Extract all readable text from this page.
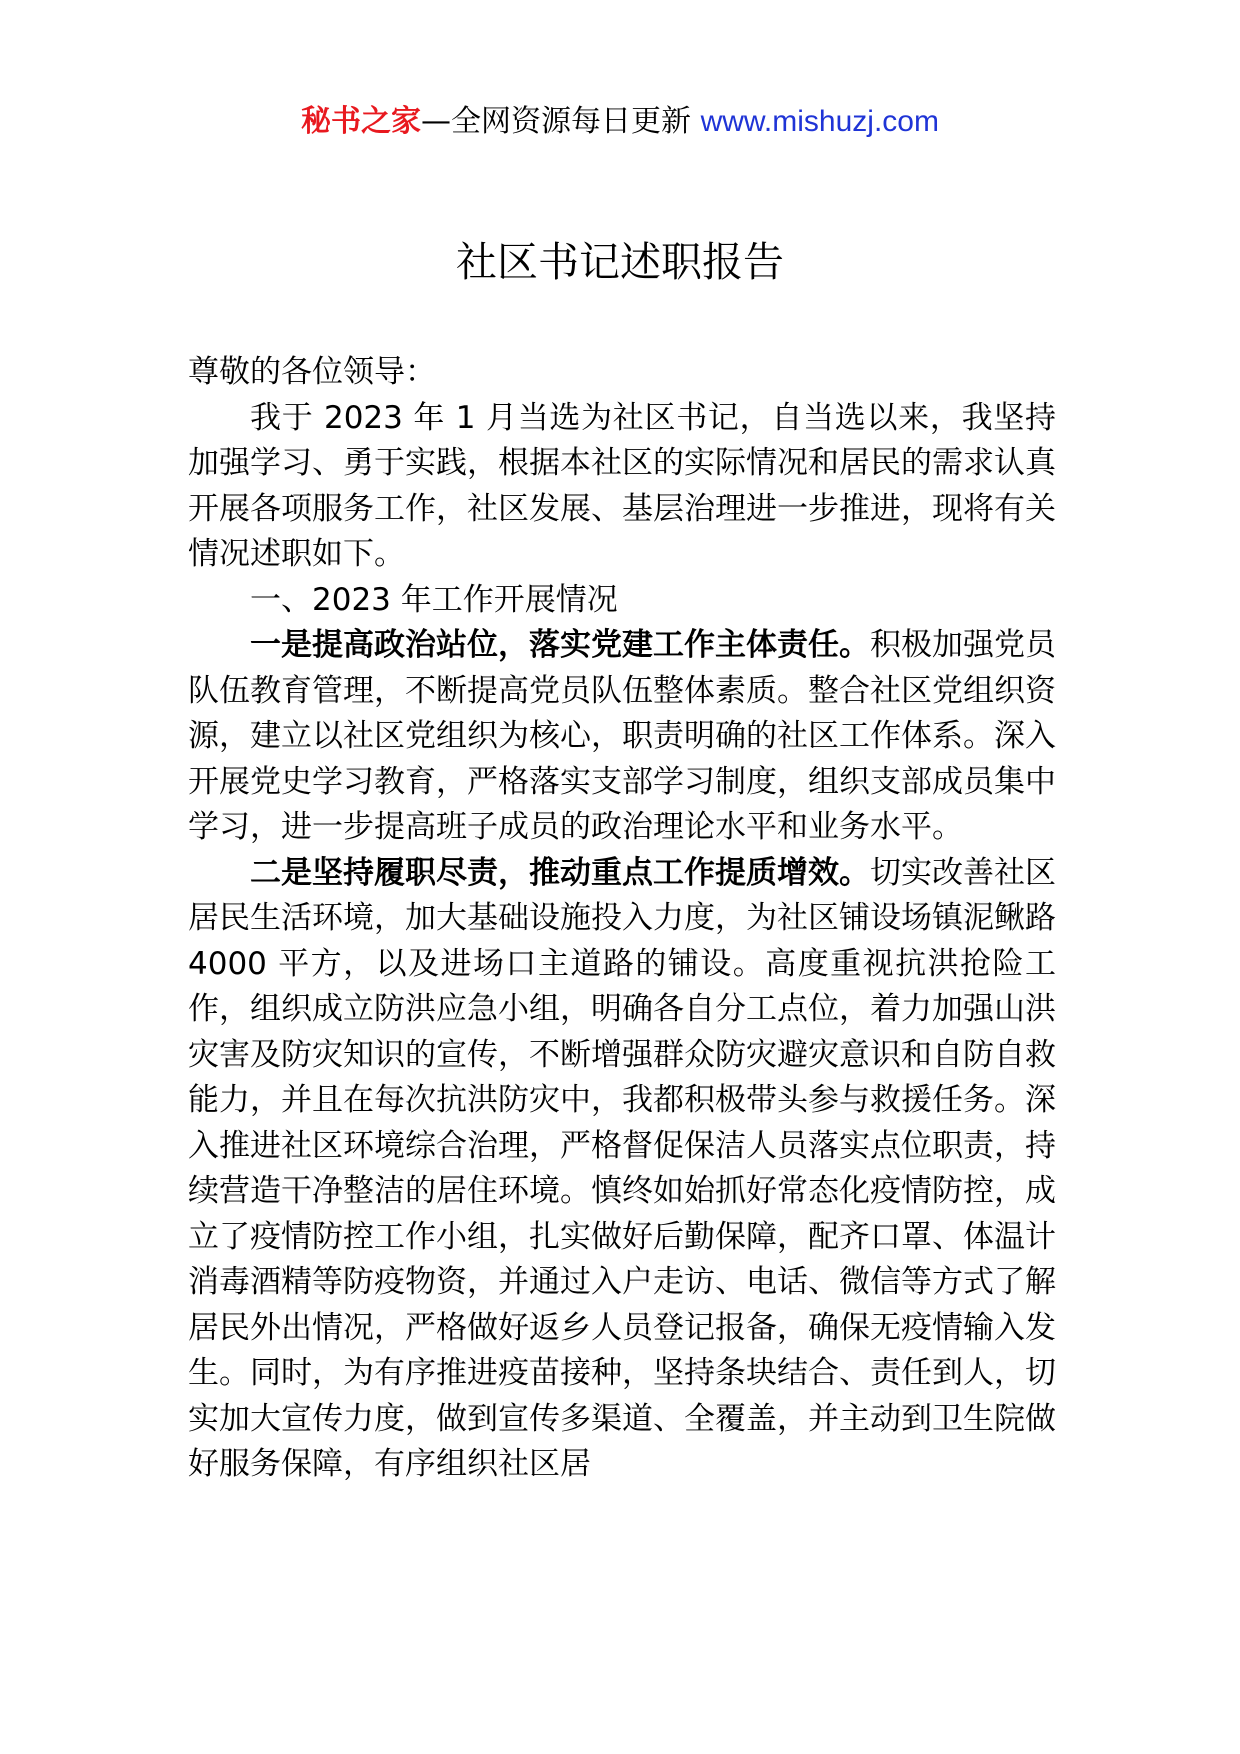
秘书之家—全网资源每日更新 www.mishuzj.com
社区书记述职报告

尊敬的各位领导：

我于 2023 年 1 月当选为社区书记，自当选以来，我坚持加强学习、勇于实践，根据本社区的实际情况和居民的需求认真开展各项服务工作，社区发展、基层治理进一步推进，现将有关情况述职如下。

一、2023 年工作开展情况

一是提高政治站位，落实党建工作主体责任。积极加强党员队伍教育管理，不断提高党员队伍整体素质。整合社区党组织资源，建立以社区党组织为核心，职责明确的社区工作体系。深入开展党史学习教育，严格落实支部学习制度，组织支部成员集中学习，进一步提高班子成员的政治理论水平和业务水平。

二是坚持履职尽责，推动重点工作提质增效。切实改善社区居民生活环境，加大基础设施投入力度，为社区铺设场镇泥鳅路 4000 平方，以及进场口主道路的铺设。高度重视抗洪抢险工作，组织成立防洪应急小组，明确各自分工点位，着力加强山洪灾害及防灾知识的宣传，不断增强群众防灾避灾意识和自防自救能力，并且在每次抗洪防灾中，我都积极带头参与救援任务。深入推进社区环境综合治理，严格督促保洁人员落实点位职责，持续营造干净整洁的居住环境。慎终如始抓好常态化疫情防控，成立了疫情防控工作小组，扎实做好后勤保障，配齐口罩、体温计消毒酒精等防疫物资，并通过入户走访、电话、微信等方式了解居民外出情况，严格做好返乡人员登记报备，确保无疫情输入发生。同时，为有序推进疫苗接种，坚持条块结合、责任到人，切实加大宣传力度，做到宣传多渠道、全覆盖，并主动到卫生院做好服务保障，有序组织社区居
